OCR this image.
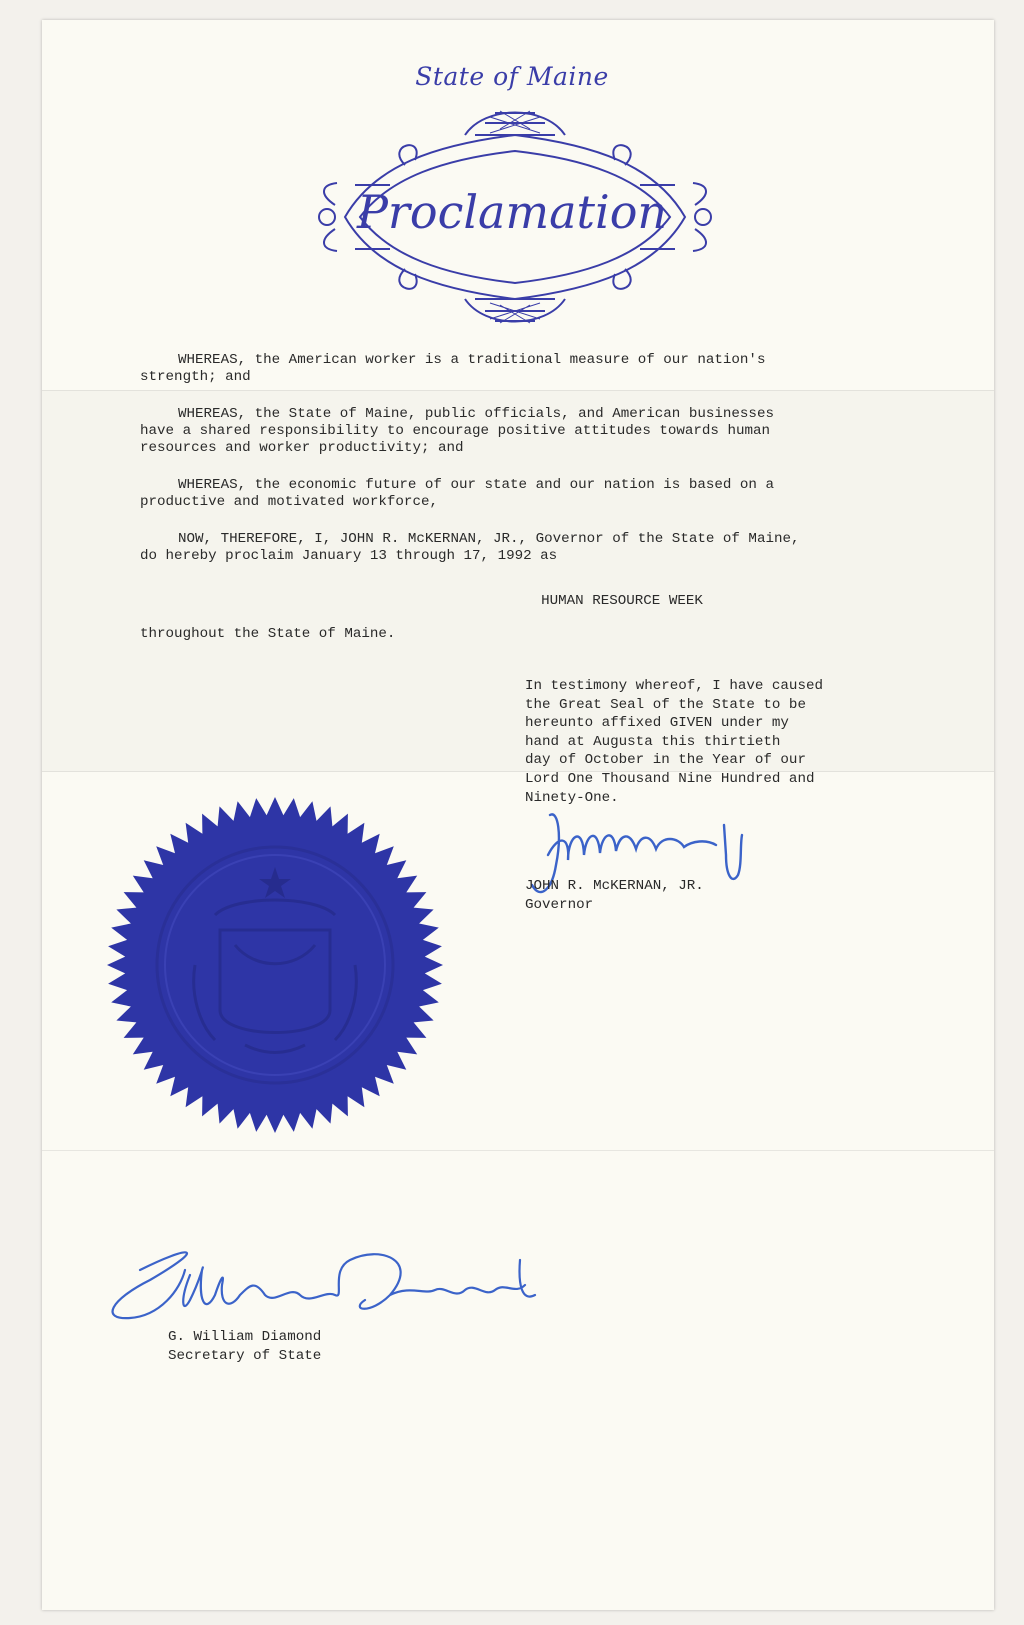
State of Maine
Proclamation
WHEREAS, the American worker is a traditional measure of our nation's
strength; and
WHEREAS, the State of Maine, public officials, and American businesses
have a shared responsibility to encourage positive attitudes towards human
resources and worker productivity; and
WHEREAS, the economic future of our state and our nation is based on a
productive and motivated workforce,
NOW, THEREFORE, I, JOHN R. McKERNAN, JR., Governor of the State of Maine,
do hereby proclaim January 13 through 17, 1992 as
HUMAN RESOURCE WEEK
throughout the State of Maine.
In testimony whereof, I have caused
the Great Seal of the State to be
hereunto affixed GIVEN under my
hand at Augusta this thirtieth
day of October in the Year of our
Lord One Thousand Nine Hundred and
Ninety-One.
JOHN R. McKERNAN, JR.
Governor
G. William Diamond
Secretary of State
